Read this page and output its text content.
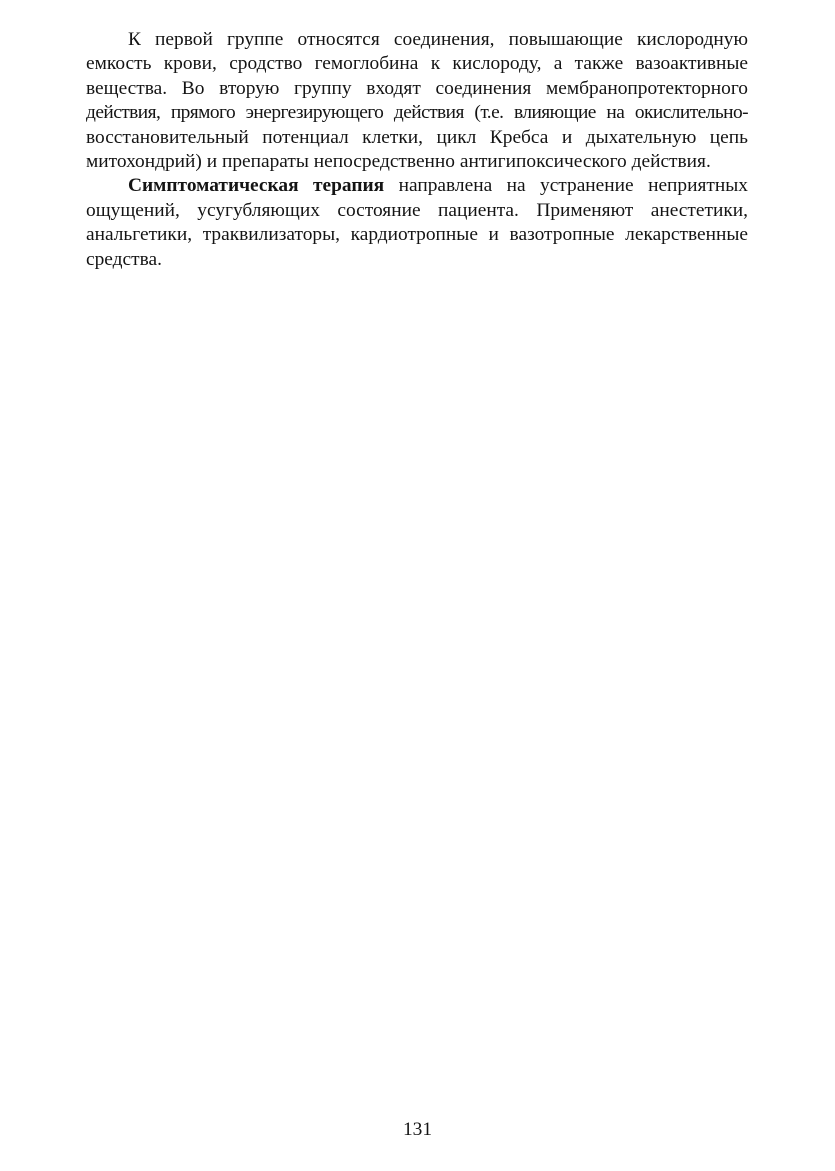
К первой группе относятся соединения, повышающие кислородную
емкость крови, сродство гемоглобина к кислороду, а также вазоактивные
вещества. Во вторую группу входят соединения мембранопротекторного
действия, прямого энергезирующего действия (т.е. влияющие на окислительно-
восстановительный потенциал клетки, цикл Кребса и дыхательную цепь
митохондрий) и препараты непосредственно антигипоксического действия.

Симптоматическая терапия направлена на устранение неприятных
ощущений, усугубляющих состояние пациента. Применяют анестетики,
анальгетики, траквилизаторы, кардиотропные и вазотропные лекарственные
средства.

131
